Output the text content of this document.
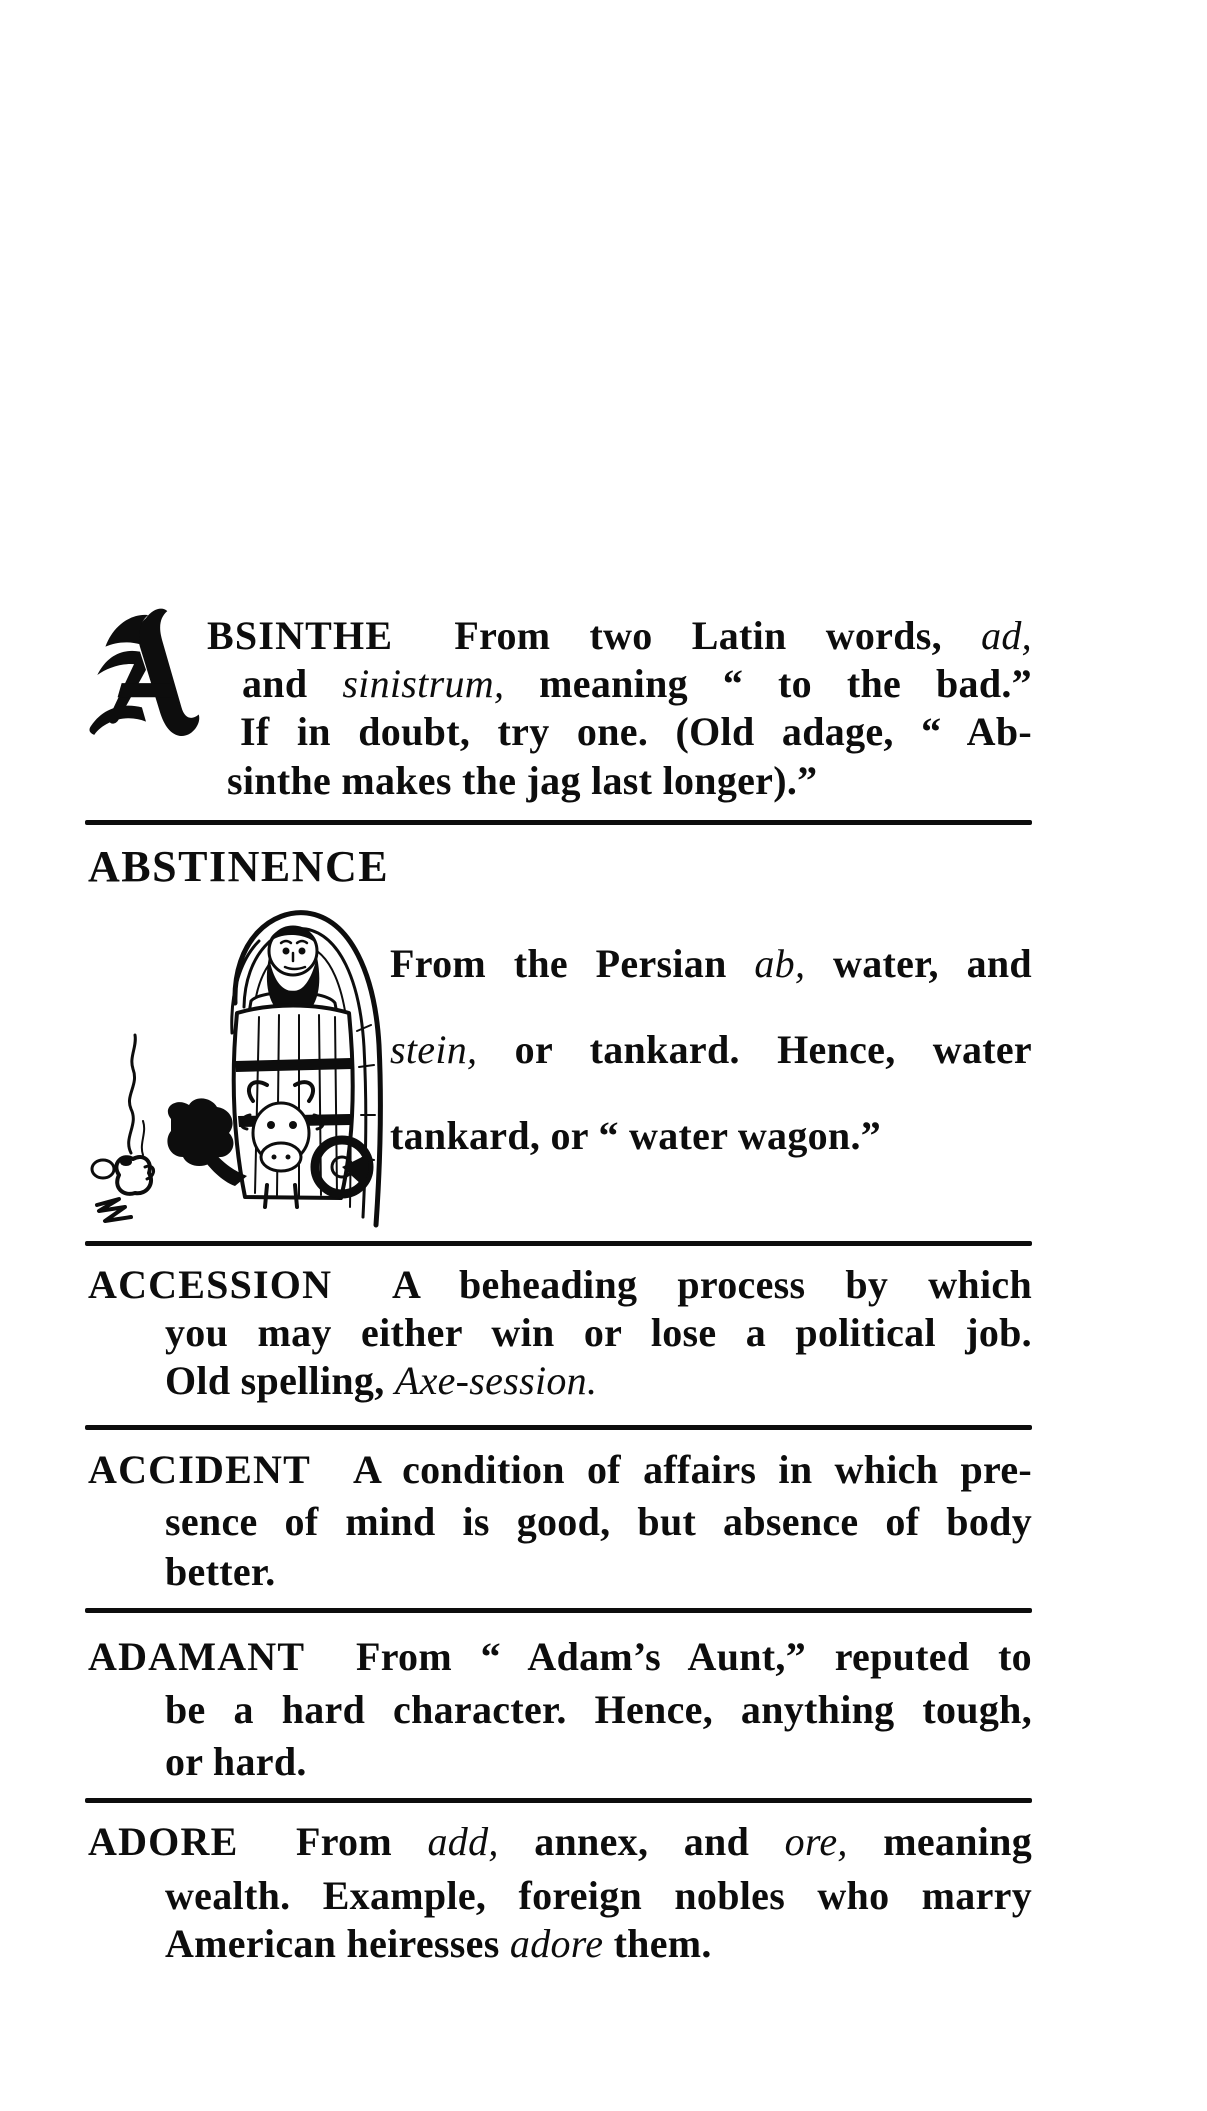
BSINTHE From two Latin words, ad,
and sinistrum, meaning “ to the bad.”
If in doubt, try one. (Old adage, “ Ab-
sinthe makes the jag last longer).”
ABSTINENCE
From the Persian ab, water, and
stein, or tankard. Hence, water
tankard, or “ water wagon.”
ACCESSION A beheading process by which
you may either win or lose a political job.
Old spelling, Axe-session.
ACCIDENT A condition of affairs in which pre-
sence of mind is good, but absence of body
better.
ADAMANT From “ Adam’s Aunt,” reputed to
be a hard character. Hence, anything tough,
or hard.
ADORE From add, annex, and ore, meaning
wealth. Example, foreign nobles who marry
American heiresses adore them.
